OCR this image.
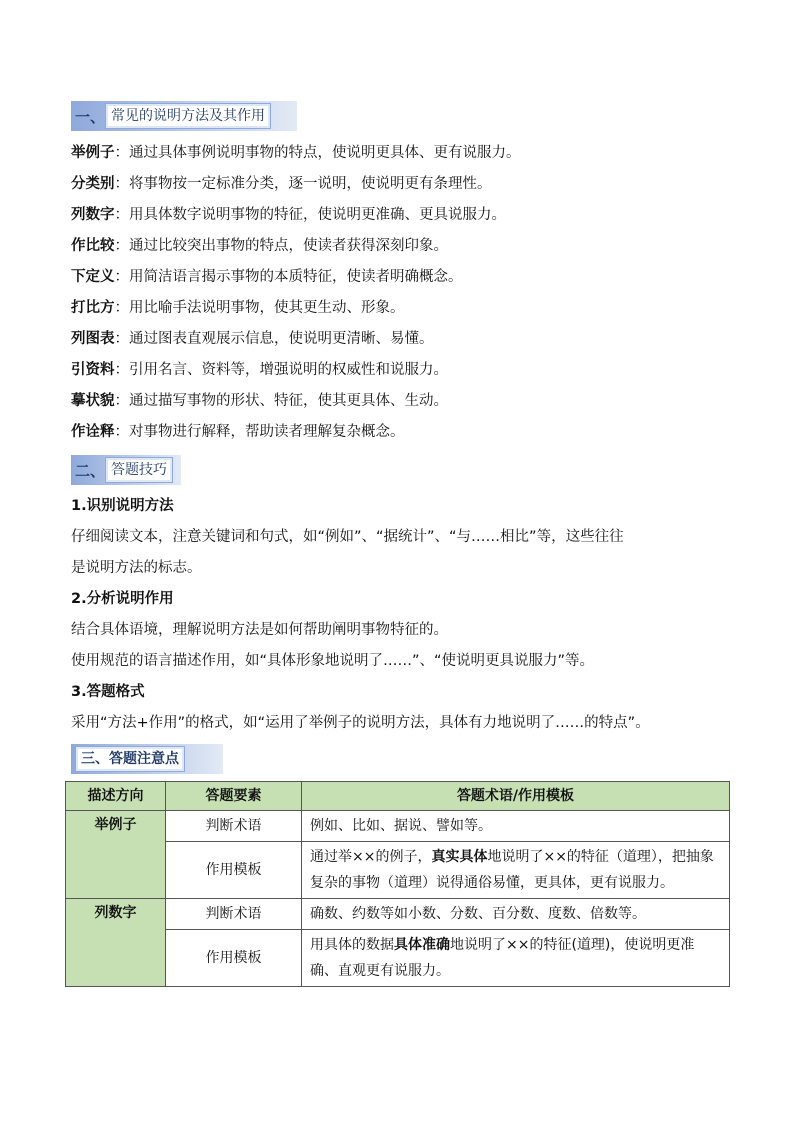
一、 常见的说明方法及其作用
举例子：通过具体事例说明事物的特点，使说明更具体、更有说服力。
分类别：将事物按一定标准分类，逐一说明，使说明更有条理性。
列数字：用具体数字说明事物的特征，使说明更准确、更具说服力。
作比较：通过比较突出事物的特点，使读者获得深刻印象。
下定义：用简洁语言揭示事物的本质特征，使读者明确概念。
打比方：用比喻手法说明事物，使其更生动、形象。
列图表：通过图表直观展示信息，使说明更清晰、易懂。
引资料：引用名言、资料等，增强说明的权威性和说服力。
摹状貌：通过描写事物的形状、特征，使其更具体、生动。
作诠释：对事物进行解释，帮助读者理解复杂概念。
二、 答题技巧
1.识别说明方法
仔细阅读文本，注意关键词和句式，如“例如”、“据统计”、“与……相比”等，这些往往
是说明方法的标志。
2.分析说明作用
结合具体语境，理解说明方法是如何帮助阐明事物特征的。
使用规范的语言描述作用，如“具体形象地说明了……”、“使说明更具说服力”等。
3.答题格式
采用“方法+作用”的格式，如“运用了举例子的说明方法，具体有力地说明了……的特点”。
三、答题注意点
描述方向	答题要素	答题术语/作用模板
举例子	判断术语	例如、比如、据说、譬如等。
	作用模板	通过举××的例子，真实具体地说明了××的特征（道理），把抽象复杂的事物（道理）说得通俗易懂，更具体，更有说服力。
列数字	判断术语	确数、约数等如小数、分数、百分数、度数、倍数等。
	作用模板	用具体的数据具体准确地说明了××的特征(道理)，使说明更准确、直观更有说服力。
